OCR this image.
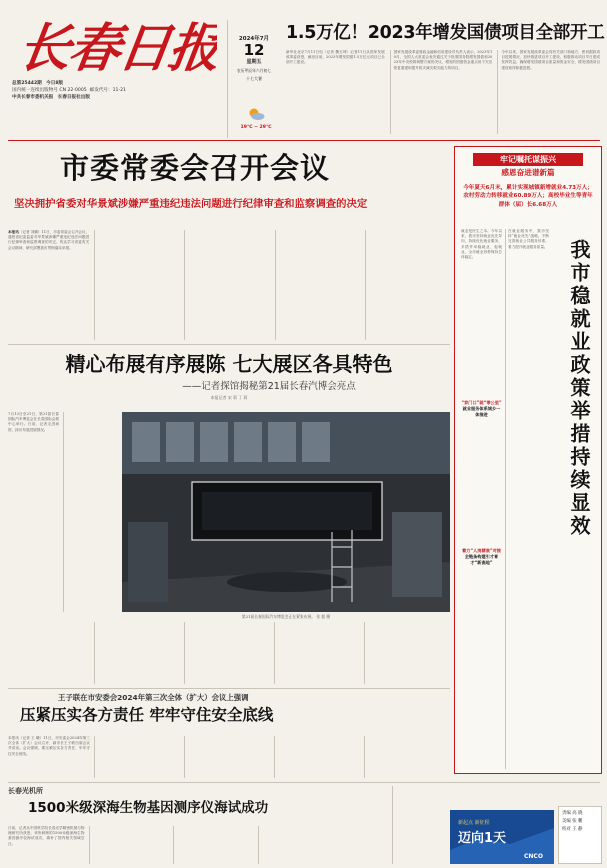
长春日报
总第25442期 今日8版
国内统一连续出版物号 CN 22-0005 邮发代号：11-21
中共长春市委机关报 长春日报社出版
2024年7月
12
星期五
农历甲辰年六月初七
十七大暑
19℃ ~ 29℃
1.5万亿！2023年增发国债项目全部开工
新华社北京7月11日电（记者 魏玉坤）记者11日从国家发展改革委获悉，截至目前，2023年增发国债1.5万亿元项目已全部开工建设。
国家发展改革委财政金融和信用建设司负责人表示，2023年10月，全国人大常委会表决通过关于批准国务院增发国债和2023年中央预算调整方案的决议，增发的国债资金重点用于灾后恢复重建和提升防灾减灾救灾能力的项目。
今年以来，国家发展改革委会同有关部门和地方，密切跟踪项目进展情况，加快推进项目开工建设，积极推动项目早日建成发挥效益，确保增发国债项目质量和资金安全，增发国债项目建设取得积极进展。
市委常委会召开会议
坚决拥护省委对华景斌涉嫌严重违纪违法问题进行纪律审查和监察调查的决定
本报讯（记者 刘鹏）11日，市委常委会召开会议，通报省纪委监委对华景斌涉嫌严重违纪违法问题进行纪律审查和监察调查的决定，传达学习省委有关会议精神，研究部署我市贯彻落实举措。
精心布展有序展陈 七大展区各具特色
——记者探馆揭秘第21届长春汽博会亮点
本报记者 宋 莉 丁 莉
7月13日至21日，第21届长春国际汽车博览会在长春国际会展中心举行。日前，记者走进场馆，探访布展进展情况。
第21届长春国际汽车博览会正在紧张布展。 张 超 摄
王子联在市安委会2024年第三次全体（扩大）会议上强调
压紧压实各方责任 牢牢守住安全底线
本报讯（记者 王 曦）11日，市安委会2024年第三次全体（扩大）会议召开，副市长王子联出席会议并讲话。会议强调，要压紧压实各方责任，牢牢守住安全底线。
长春光机所
1500米级深海生物基因测序仪海试成功
日前，记者从中国科学院长春光学精密机械与物理研究所获悉，该所研制的1500米级深海生物基因测序仪海试成功，填补了国内相关领域空白。
新起点 新征程
迈向1天
CNCO
责编 高 晓
美编 张 鹏
校对 王 静
牢记嘱托谋振兴
感恩奋进谱新篇
今年夏天6月末，累计实现城镇新增就业4.73万人；农村劳动力转移就业60.89万人；高校毕业生等青年群体（届）长6.68万人
就业是民生之本。今年以来，我市坚持就业优先导向，持续优化就业服务，多措并举稳就业、促就业，全市就业形势保持总体稳定。
“家门口”就“零公里”
就业服务体系城乡一体推进
着力“人岗精准”对接
全链条构建引才育才“新高地”
在就业服务中，我市坚持“就业优先”战略，不断完善就业公共服务体系，着力提升就业服务质量。 我市稳就业政策举措持续显效
